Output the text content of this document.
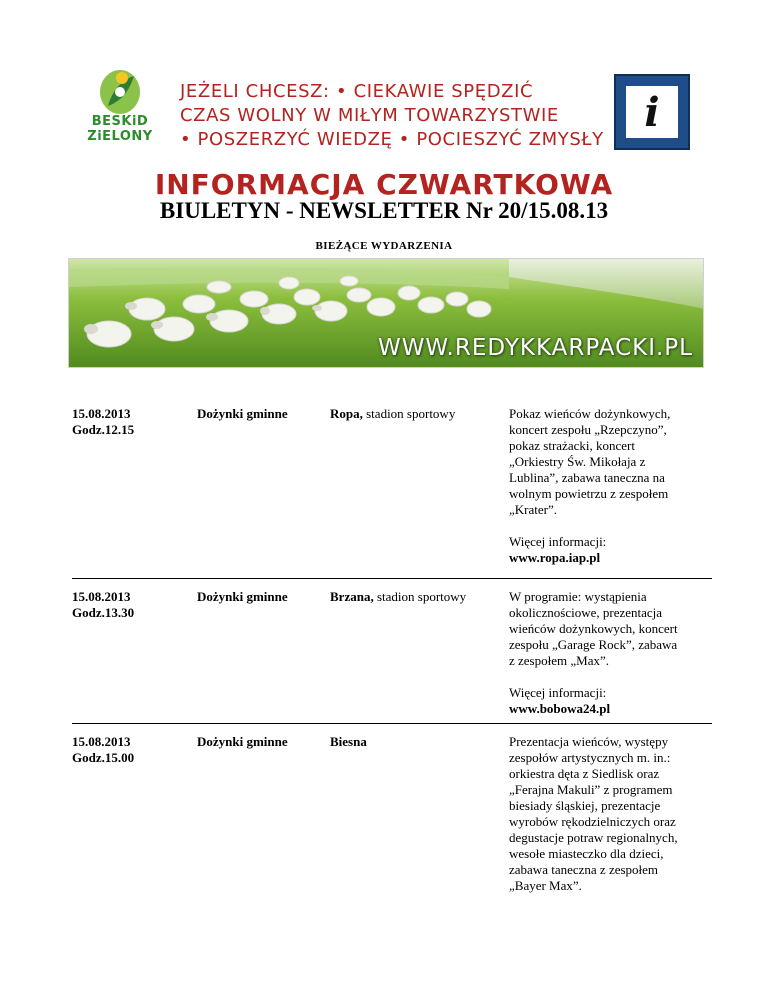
BESKiD
ZiELONY
JEŻELI CHCESZ: • CIEKAWIE SPĘDZIĆ
CZAS WOLNY W MIŁYM TOWARZYSTWIE
• POSZERZYĆ WIEDZĘ • POCIESZYĆ ZMYSŁY
i
INFORMACJA CZWARTKOWA
BIULETYN - NEWSLETTER Nr 20/15.08.13
BIEŻĄCE WYDARZENIA
WWW.REDYKKARPACKI.PL
15.08.2013
Godz.12.15
Dożynki gminne	Ropa, stadion sportowy	Pokaz wieńców dożynkowych,
koncert zespołu „Rzepczyno”,
pokaz strażacki, koncert
„Orkiestry Św. Mikołaja z
Lublina”, zabawa taneczna na
wolnym powietrzu z zespołem
„Krater”.
Więcej informacji:
www.ropa.iap.pl
15.08.2013
Godz.13.30
Dożynki gminne	Brzana, stadion sportowy	W programie: wystąpienia
okolicznościowe, prezentacja
wieńców dożynkowych, koncert
zespołu „Garage Rock”, zabawa
z zespołem „Max”.
Więcej informacji:
www.bobowa24.pl
15.08.2013
Godz.15.00
Dożynki gminne	Biesna	Prezentacja wieńców, występy
zespołów artystycznych m. in.:
orkiestra dęta z Siedlisk oraz
„Ferajna Makuli” z programem
biesiady śląskiej, prezentacje
wyrobów rękodzielniczych oraz
degustacje potraw regionalnych,
wesołe miasteczko dla dzieci,
zabawa taneczna z zespołem
„Bayer Max”.
